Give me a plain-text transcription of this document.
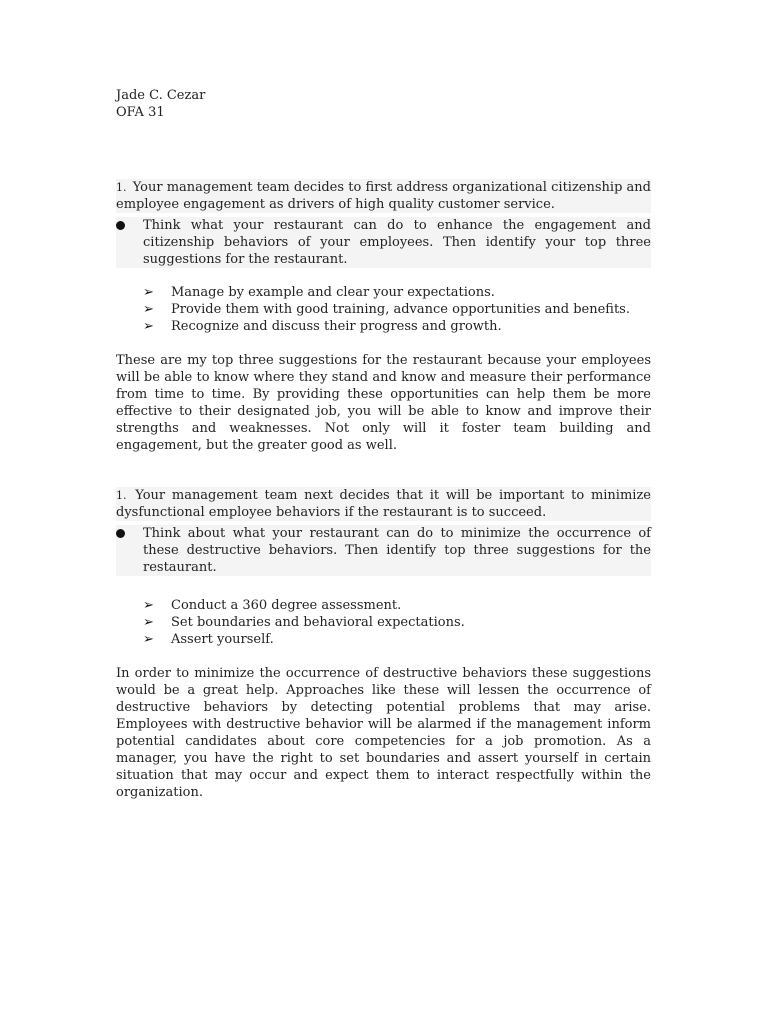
Jade C. Cezar

OFA 31

1. Your management team decides to first address organizational citizenship and employee engagement as drivers of high quality customer service.

Think what your restaurant can do to enhance the engagement and citizenship behaviors of your employees. Then identify your top three suggestions for the restaurant.
➢ Manage by example and clear your expectations.
➢ Provide them with good training, advance opportunities and benefits.
➢ Recognize and discuss their progress and growth.

These are my top three suggestions for the restaurant because your employees will be able to know where they stand and know and measure their performance from time to time. By providing these opportunities can help them be more effective to their designated job, you will be able to know and improve their strengths and weaknesses. Not only will it foster team building and engagement, but the greater good as well.

1. Your management team next decides that it will be important to minimize dysfunctional employee behaviors if the restaurant is to succeed.

Think about what your restaurant can do to minimize the occurrence of these destructive behaviors. Then identify top three suggestions for the restaurant.
➢ Conduct a 360 degree assessment.
➢ Set boundaries and behavioral expectations.
➢ Assert yourself.

In order to minimize the occurrence of destructive behaviors these suggestions would be a great help. Approaches like these will lessen the occurrence of destructive behaviors by detecting potential problems that may arise. Employees with destructive behavior will be alarmed if the management inform potential candidates about core competencies for a job promotion. As a manager, you have the right to set boundaries and assert yourself in certain situation that may occur and expect them to interact respectfully within the organization.
